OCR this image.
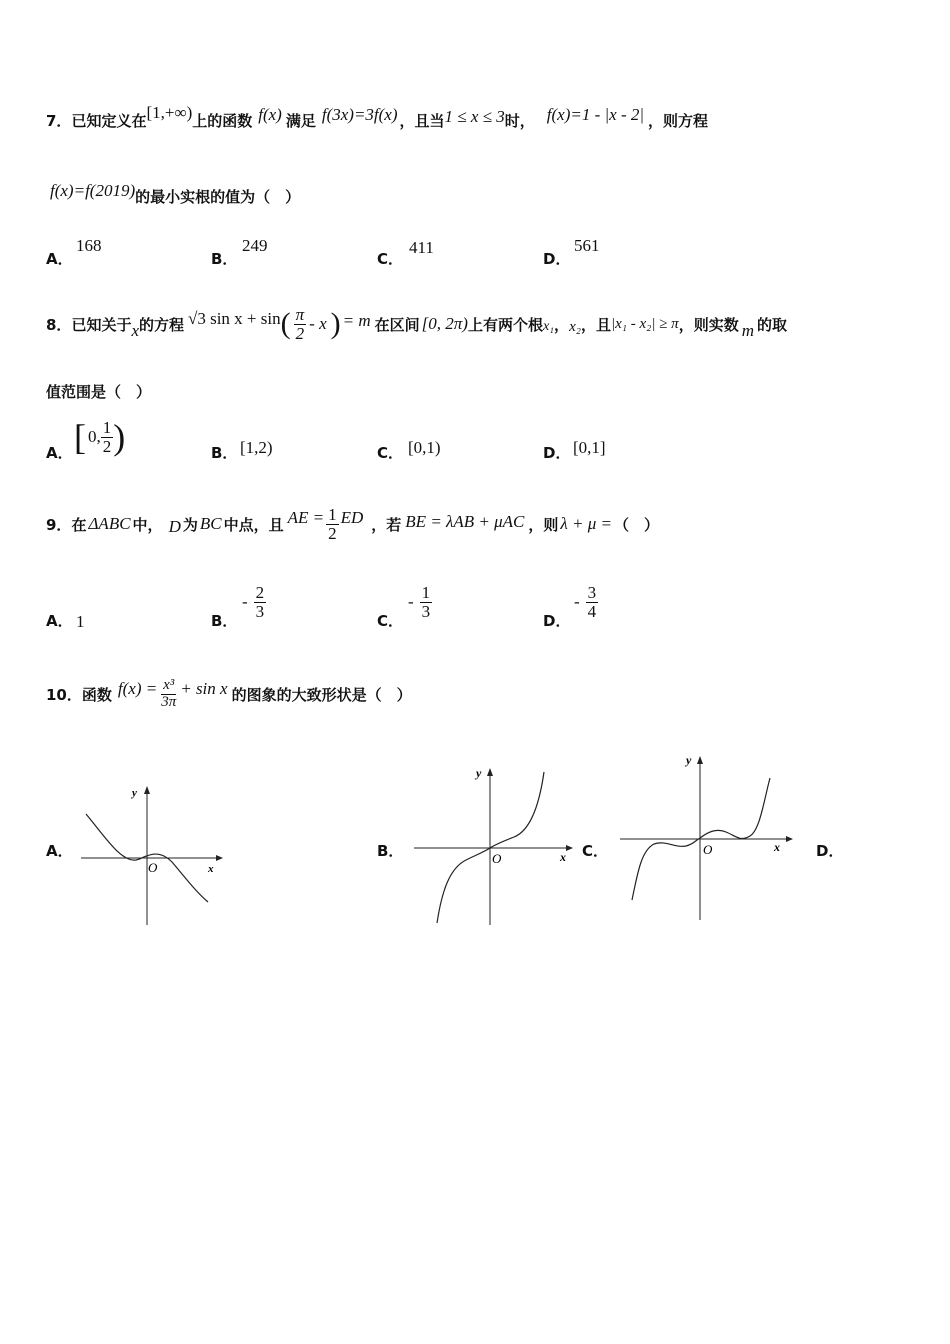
7． 已知定义在 [1,+∞) 上的函数 f(x) 满足 f(3x)=3f(x) ，且当 1 ≤ x ≤ 3 时， f(x)=1 - |x - 2| ，则方程
f(x)=f(2019) 的最小实根的值为（　）
A．
168
B．
249
C．
411
D．
561
8． 已知关于 x 的方程 √3 sin x + sin ( $\frac{\pi}{2}$ - x ) = m 在区间 [0, 2π) 上有两个根 x₁ ， x₂ ，且 |x₁ - x₂| ≥ π ，则实数 m 的取
值范围是（　）
A． [ 0, $\frac{1}{2}$ )	B． [1,2)	C． [0,1)	D． [0,1]
9． 在 ΔABC 中， D 为 BC 中点，且 AE = $\frac{1}{2}$ ED ，若 BE = λAB + μAC ，则 λ + μ = （　）
A． 1	B．
- $\frac{2}{3}$
C．
- $\frac{1}{3}$
D．
- $\frac{3}{4}$
10． 函数 $f(x) = \frac{\text{x³}}{3\pi} + \sin x$ 的图象的大致形状是（　）
A．	B．	C．	D．
x
y
O
x
y
O
x
y
O
